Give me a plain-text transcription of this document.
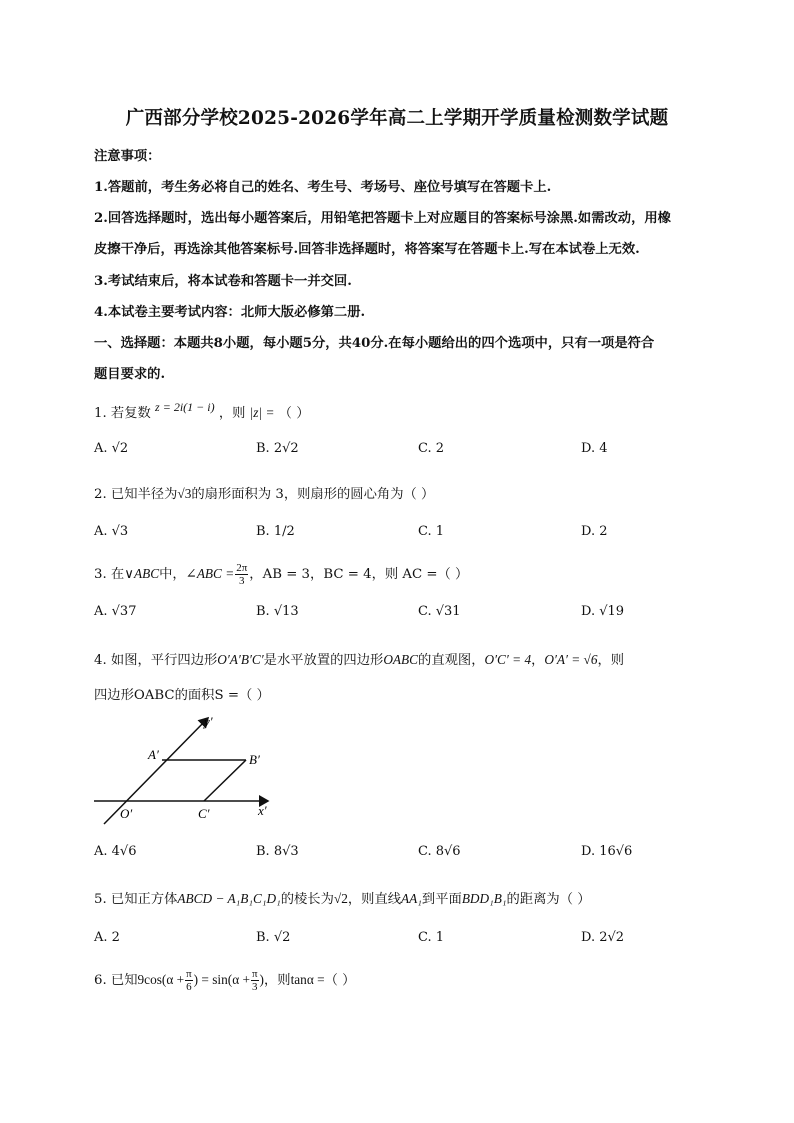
广西部分学校2025-2026学年高二上学期开学质量检测数学试题
注意事项：
1.答题前，考生务必将自己的姓名、考生号、考场号、座位号填写在答题卡上.
2.回答选择题时，选出每小题答案后，用铅笔把答题卡上对应题目的答案标号涂黑.如需改动，用橡
皮擦干净后，再选涂其他答案标号.回答非选择题时，将答案写在答题卡上.写在本试卷上无效.
3.考试结束后，将本试卷和答题卡一并交回.
4.本试卷主要考试内容：北师大版必修第二册.
一、选择题：本题共8小题，每小题5分，共40分.在每小题给出的四个选项中，只有一项是符合
题目要求的.
1. 若复数 z = 2i(1 − i) ，则 |z| = （ ）
A. √2	B. 2√2	C. 2	D. 4
2. 已知半径为√3的扇形面积为 3，则扇形的圆心角为（ ）
A. √3	B. 1/2	C. 1	D. 2
3. 在∨ABC中，∠ABC = $\frac{2\pi}{3}$ ，AB = 3，BC = 4，则 AC =（ ）
A. √37	B. √13	C. √31	D. √19
4. 如图，平行四边形O′A′B′C′是水平放置的四边形OABC的直观图，O′C′ = 4，O′A′ = √6，则
四边形OABC的面积S =（ ）
y′
A′	B′
O′	C′	x′
A. 4√6	B. 8√3	C. 8√6	D. 16√6
5. 已知正方体ABCD − A₁B₁C₁D₁的棱长为√2，则直线AA₁到平面BDD₁B₁的距离为（ ）
A. 2	B. √2	C. 1	D. 2√2
6. 已知$9\cos(\alpha + \frac{\pi}{6}$ ) = $\sin(\alpha + \frac{\pi}{3}$ )，则tanα =（ ）
